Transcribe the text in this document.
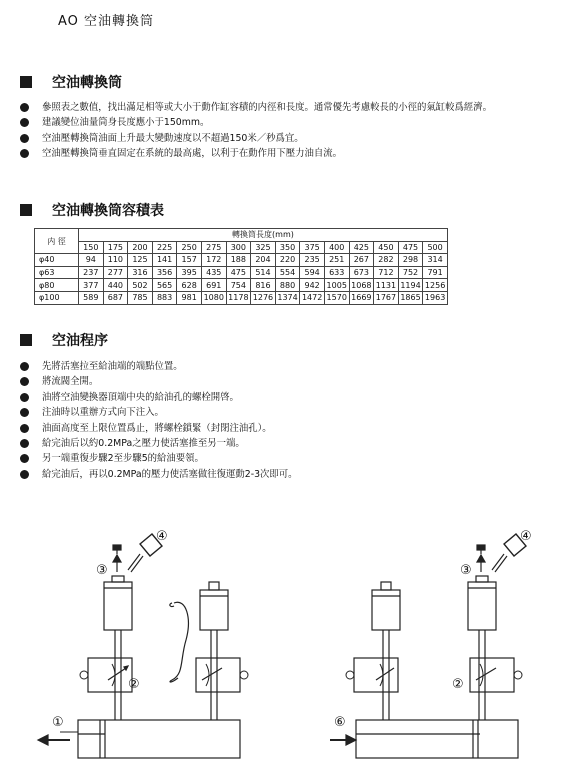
AO 空油轉換筒
空油轉換筒
參照表之數值，找出滿足相等或大小于動作缸容積的内徑和長度。通常優先考慮較長的小徑的氣缸較爲經濟。
建議變位油量筒身長度應小于150mm。
空油壓轉換筒油面上升最大變動速度以不超過150米／秒爲宜。
空油壓轉換筒垂直固定在系統的最高處，以利于在動作用下壓力油自流。
空油轉換筒容積表
内 徑	轉換筒長度(mm)														
	150	175	200	225	250	275	300	325	350	375	400	425	450	475	500
φ40	94	110	125	141	157	172	188	204	220	235	251	267	282	298	314
φ63	237	277	316	356	395	435	475	514	554	594	633	673	712	752	791
φ80	377	440	502	565	628	691	754	816	880	942	1005	1068	1131	1194	1256
φ100	589	687	785	883	981	1080	1178	1276	1374	1472	1570	1669	1767	1865	1963
空油程序
先將活塞拉至給油端的端點位置。
將流閥全開。
油將空油變換器頂端中央的給油孔的螺栓開啓。
注油時以重辦方式向下注入。
油面高度至上限位置爲止，將螺栓鎖緊（封閉注油孔）。
給完油后以約0.2MPa之壓力使活塞推至另一端。
另一端重復步驟2至步驟5的給油要領。
給完油后，再以0.2MPa的壓力使活塞做往復運動2-3次即可。
③
④
②
①
③
④
②
⑥
